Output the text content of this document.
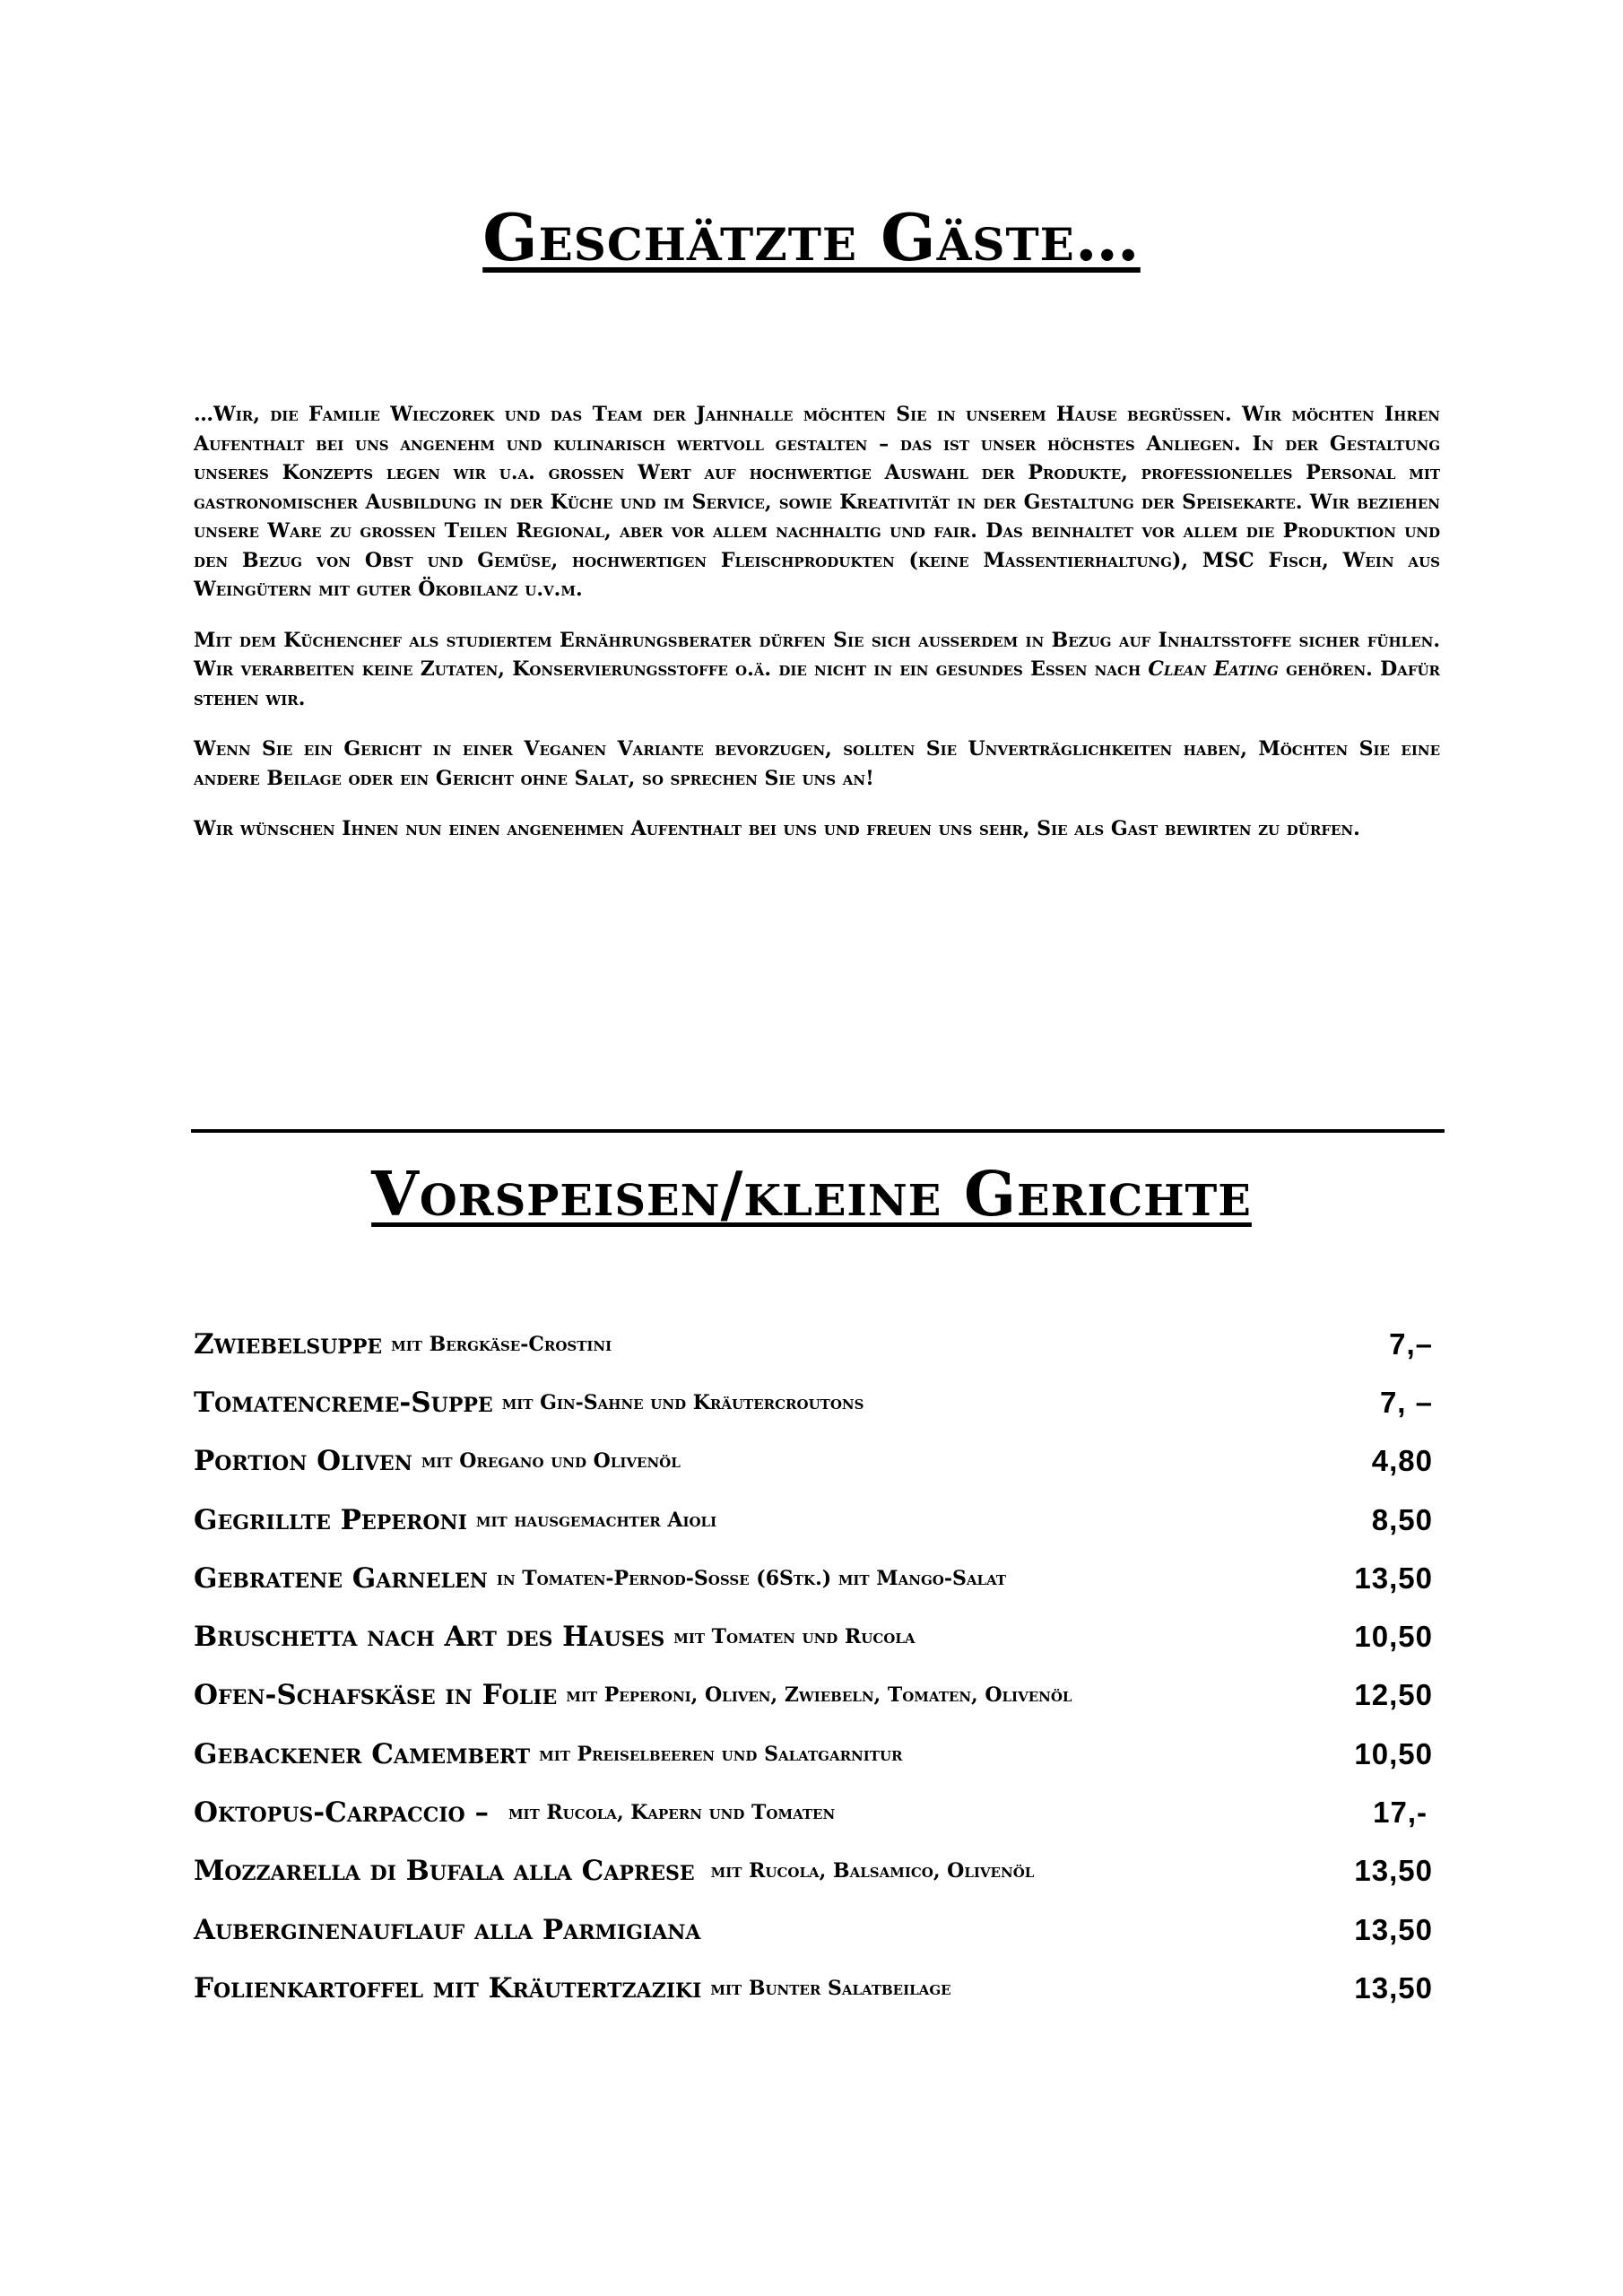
Geschätzte Gäste…

…Wir, die Familie Wieczorek und das Team der Jahnhalle möchten Sie in unserem Hause begrüssen. Wir möchten Ihren Aufenthalt bei uns angenehm und kulinarisch wertvoll gestalten – das ist unser höchstes Anliegen. In der Gestaltung unseres Konzepts legen wir u.a. grossen Wert auf hochwertige Auswahl der Produkte, professionelles Personal mit gastronomischer Ausbildung in der Küche und im Service, sowie Kreativität in der Gestaltung der Speisekarte. Wir beziehen unsere Ware zu grossen Teilen Regional, aber vor allem nachhaltig und fair. Das beinhaltet vor allem die Produktion und den Bezug von Obst und Gemüse, hochwertigen Fleischprodukten (keine Massentierhaltung), MSC Fisch, Wein aus Weingütern mit guter Ökobilanz u.v.m.

Mit dem Küchenchef als studiertem Ernährungsberater dürfen Sie sich ausserdem in Bezug auf Inhaltsstoffe sicher fühlen. Wir verarbeiten keine Zutaten, Konservierungsstoffe o.ä. die nicht in ein gesundes Essen nach Clean Eating gehören. Dafür stehen wir.

Wenn Sie ein Gericht in einer Veganen Variante bevorzugen, sollten Sie Unverträglichkeiten haben, Möchten Sie eine andere Beilage oder ein Gericht ohne Salat, so sprechen Sie uns an!

Wir wünschen Ihnen nun einen angenehmen Aufenthalt bei uns und freuen uns sehr, Sie als Gast bewirten zu dürfen.

Vorspeisen/kleine Gerichte
Zwiebelsuppe mit Bergkäse-Crostini	7,–
Tomatencreme-Suppe mit Gin-Sahne und Kräutercroutons	7, –
Portion Oliven mit Oregano und Olivenöl	4,80
Gegrillte Peperoni mit hausgemachter Aioli	8,50
Gebratene Garnelen in Tomaten-Pernod-Sosse (6Stk.) mit Mango-Salat	13,50
Bruschetta nach Art des Hauses mit Tomaten und Rucola	10,50
Ofen-Schafskäse in Folie mit Peperoni, Oliven, Zwiebeln, Tomaten, Olivenöl	12,50
Gebackener Camembert mit Preiselbeeren und Salatgarnitur	10,50
Oktopus-Carpaccio – mit Rucola, Kapern und Tomaten	17,-
Mozzarella di Bufala alla Caprese mit Rucola, Balsamico, Olivenöl	13,50
Auberginenauflauf alla Parmigiana	13,50
Folienkartoffel mit Kräutertzaziki mit Bunter Salatbeilage	13,50
